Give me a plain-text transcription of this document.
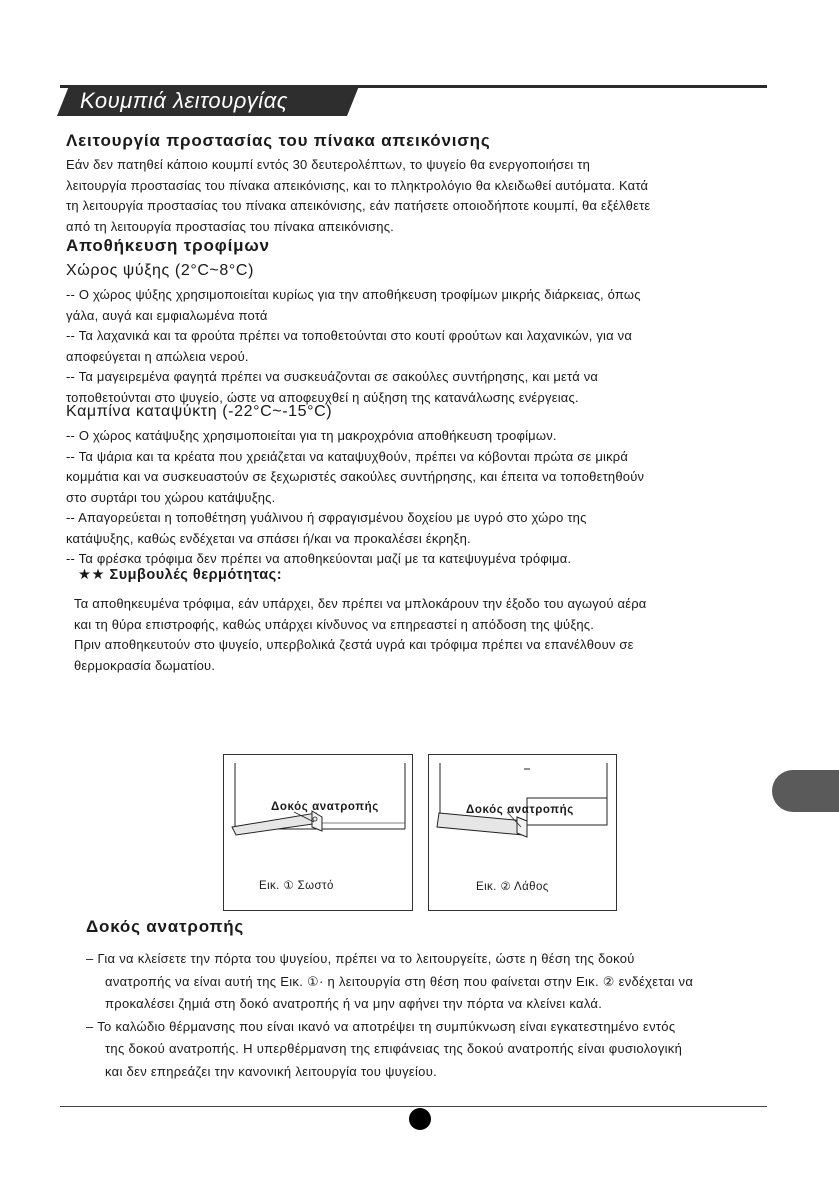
Κουμπιά λειτουργίας
Λειτουργία προστασίας του πίνακα απεικόνισης
Εάν δεν πατηθεί κάποιο κουμπί εντός 30 δευτερολέπτων, το ψυγείο θα ενεργοποιήσει τη
λειτουργία προστασίας του πίνακα απεικόνισης, και το πληκτρολόγιο θα κλειδωθεί αυτόματα. Κατά
τη λειτουργία προστασίας του πίνακα απεικόνισης, εάν πατήσετε οποιοδήποτε κουμπί, θα εξέλθετε
από τη λειτουργία προστασίας του πίνακα απεικόνισης.
Αποθήκευση τροφίμων
Χώρος ψύξης (2°C~8°C)
-- Ο χώρος ψύξης χρησιμοποιείται κυρίως για την αποθήκευση τροφίμων μικρής διάρκειας, όπως
γάλα, αυγά και εμφιαλωμένα ποτά
-- Τα λαχανικά και τα φρούτα πρέπει να τοποθετούνται στο κουτί φρούτων και λαχανικών, για να
αποφεύγεται η απώλεια νερού.
-- Τα μαγειρεμένα φαγητά πρέπει να συσκευάζονται σε σακούλες συντήρησης, και μετά να
τοποθετούνται στο ψυγείο, ώστε να αποφευχθεί η αύξηση της κατανάλωσης ενέργειας.
Καμπίνα καταψύκτη (-22°C~-15°C)
-- Ο χώρος κατάψυξης χρησιμοποιείται για τη μακροχρόνια αποθήκευση τροφίμων.
-- Τα ψάρια και τα κρέατα που χρειάζεται να καταψυχθούν, πρέπει να κόβονται πρώτα σε μικρά
κομμάτια και να συσκευαστούν σε ξεχωριστές σακούλες συντήρησης, και έπειτα να τοποθετηθούν
στο συρτάρι του χώρου κατάψυξης.
-- Απαγορεύεται η τοποθέτηση γυάλινου ή σφραγισμένου δοχείου με υγρό στο χώρο της
κατάψυξης, καθώς ενδέχεται να σπάσει ή/και να προκαλέσει έκρηξη.
-- Τα φρέσκα τρόφιμα δεν πρέπει να αποθηκεύονται μαζί με τα κατεψυγμένα τρόφιμα.
★★ Συμβουλές θερμότητας:
Τα αποθηκευμένα τρόφιμα, εάν υπάρχει, δεν πρέπει να μπλοκάρουν την έξοδο του αγωγού αέρα
και τη θύρα επιστροφής, καθώς υπάρχει κίνδυνος να επηρεαστεί η απόδοση της ψύξης.
Πριν αποθηκευτούν στο ψυγείο, υπερβολικά ζεστά υγρά και τρόφιμα πρέπει να επανέλθουν σε
θερμοκρασία δωματίου.
Δοκός ανατροπής
Εικ. ① Σωστό
Δοκός ανατροπής
Εικ. ② Λάθος
Δοκός ανατροπής
– Για να κλείσετε την πόρτα του ψυγείου, πρέπει να το λειτουργείτε, ώστε η θέση της δοκού
ανατροπής να είναι αυτή της Εικ. ①· η λειτουργία στη θέση που φαίνεται στην Εικ. ② ενδέχεται να
προκαλέσει ζημιά στη δοκό ανατροπής ή να μην αφήνει την πόρτα να κλείνει καλά.
– Το καλώδιο θέρμανσης που είναι ικανό να αποτρέψει τη συμπύκνωση είναι εγκατεστημένο εντός
της δοκού ανατροπής. Η υπερθέρμανση της επιφάνειας της δοκού ανατροπής είναι φυσιολογική
και δεν επηρεάζει την κανονική λειτουργία του ψυγείου.
